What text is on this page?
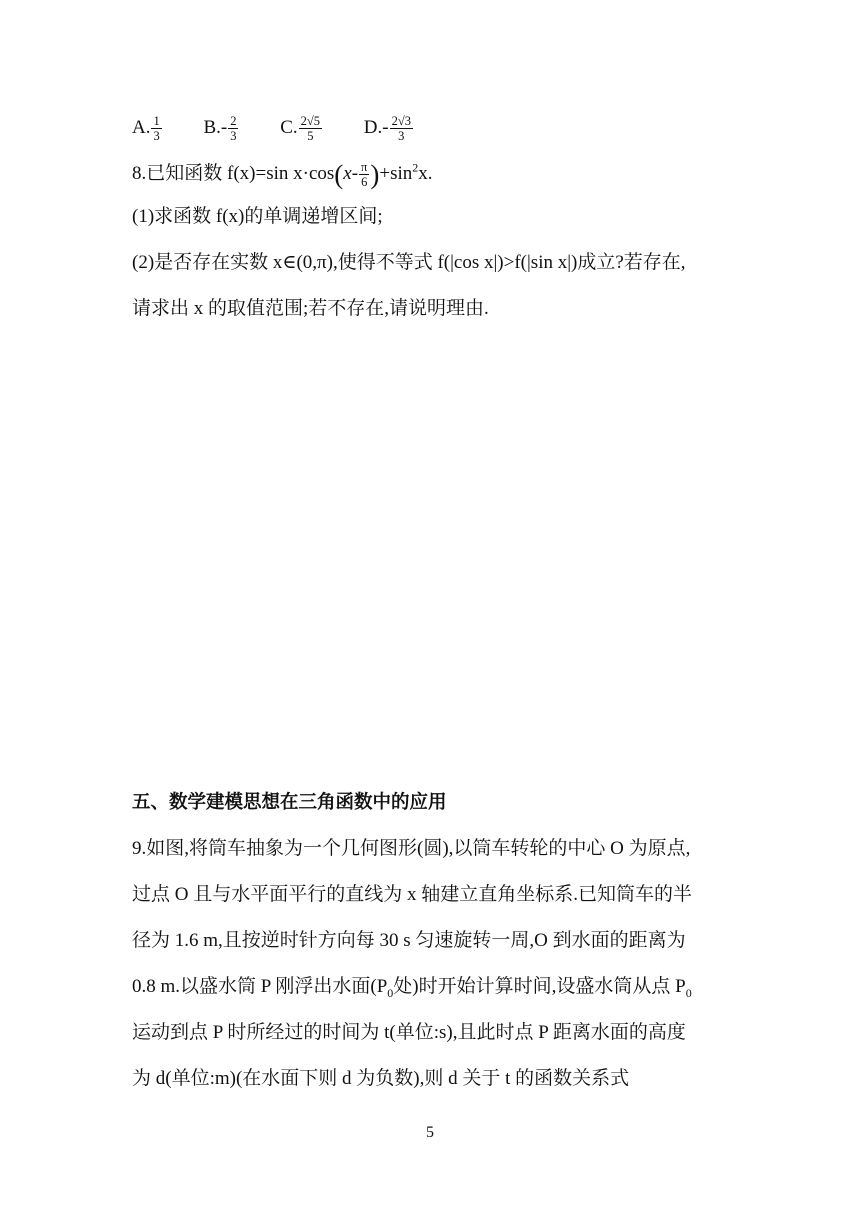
A. $\frac{1}{3} B.- \frac{2}{3} C$. $\frac{2√5}{5} D.- \frac{2√3}{3}$
8.已知函数 f(x)=sin $x\cdot\cos(x- \frac{\pi}{6} )+\sin^2x$.
(1)求函数 f(x)的单调递增区间;
(2)是否存在实数 x∈(0,π),使得不等式 f(|cos x|)>f(|sin x|)成立?若存在,
请求出 x 的取值范围;若不存在,请说明理由.
五、数学建模思想在三角函数中的应用
9.如图,将筒车抽象为一个几何图形(圆),以筒车转轮的中心 O 为原点,
过点 O 且与水平面平行的直线为 x 轴建立直角坐标系.已知筒车的半
径为 1.6 m,且按逆时针方向每 30 s 匀速旋转一周,O 到水面的距离为
0.8 m.以盛水筒 P 刚浮出水面($P_0$处)时开始计算时间,设盛水筒从点 $P_0$
运动到点 P 时所经过的时间为 t(单位:s),且此时点 P 距离水面的高度
为 d(单位:m)(在水面下则 d 为负数),则 d 关于 t 的函数关系式
5
